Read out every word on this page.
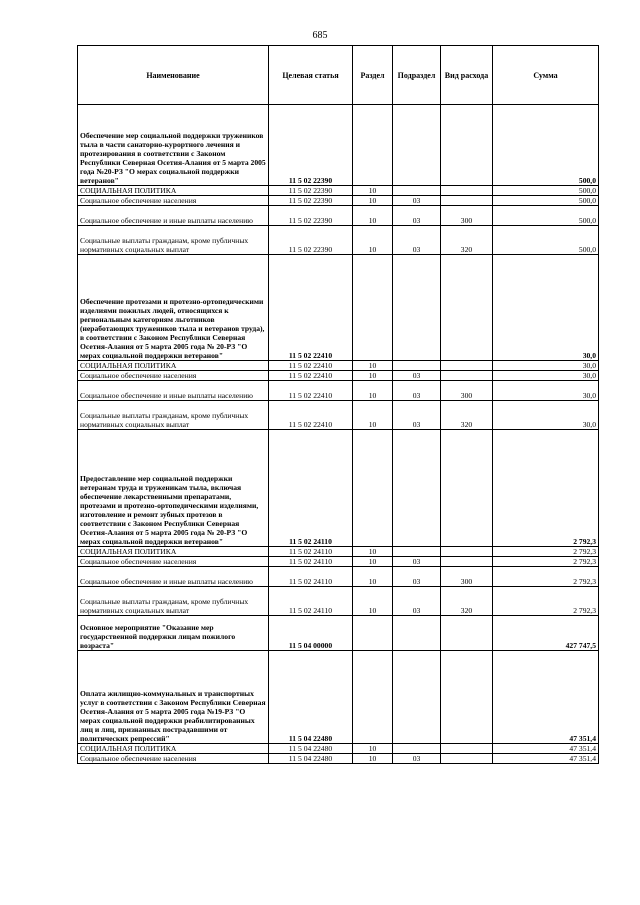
685
Наименование	Целевая статья	Раздел	Подраздел	Вид расхода	Сумма
Обеспечение мер социальной поддержки тружеников тыла в части санаторно-курортного лечения и протезирования в соответствии с Законом Республики Северная Осетия-Алания от 5 марта 2005 года №20-РЗ "О мерах социальной поддержки ветеранов"	11 5 02 22390				500,0
СОЦИАЛЬНАЯ ПОЛИТИКА	11 5 02 22390	10			500,0
Социальное обеспечение населения	11 5 02 22390	10	03		500,0
Социальное обеспечение и иные выплаты населению	11 5 02 22390	10	03	300	500,0
Социальные выплаты гражданам, кроме публичных нормативных социальных выплат	11 5 02 22390	10	03	320	500,0
Обеспечение протезами и протезно-ортопедическими изделиями пожилых людей, относящихся к региональным категориям льготников (неработающих тружеников тыла и ветеранов труда), в соответствии с Законом Республики Северная Осетия-Алания от 5 марта 2005 года № 20-РЗ "О мерах социальной поддержки ветеранов"	11 5 02 22410				30,0
СОЦИАЛЬНАЯ ПОЛИТИКА	11 5 02 22410	10			30,0
Социальное обеспечение населения	11 5 02 22410	10	03		30,0
Социальное обеспечение и иные выплаты населению	11 5 02 22410	10	03	300	30,0
Социальные выплаты гражданам, кроме публичных нормативных социальных выплат	11 5 02 22410	10	03	320	30,0
Предоставление мер социальной поддержки ветеранам труда и труженикам тыла, включая обеспечение лекарственными препаратами, протезами и протезно-ортопедическими изделиями, изготовление и ремонт зубных протезов в соответствии с Законом Республики Северная Осетия-Алания от 5 марта 2005 года № 20-РЗ "О мерах социальной поддержки ветеранов"	11 5 02 24110				2 792,3
СОЦИАЛЬНАЯ ПОЛИТИКА	11 5 02 24110	10			2 792,3
Социальное обеспечение населения	11 5 02 24110	10	03		2 792,3
Социальное обеспечение и иные выплаты населению	11 5 02 24110	10	03	300	2 792,3
Социальные выплаты гражданам, кроме публичных нормативных социальных выплат	11 5 02 24110	10	03	320	2 792,3
Основное мероприятие "Оказание мер государственной поддержки лицам пожилого возраста"	11 5 04 00000				427 747,5
Оплата жилищно-коммунальных и транспортных услуг в соответствии с Законом Республики Северная Осетия-Алания от 5 марта 2005 года №19-РЗ "О мерах социальной поддержки реабилитированных лиц и лиц, признанных пострадавшими от политических репрессий"	11 5 04 22480				47 351,4
СОЦИАЛЬНАЯ ПОЛИТИКА	11 5 04 22480	10			47 351,4
Социальное обеспечение населения	11 5 04 22480	10	03		47 351,4
